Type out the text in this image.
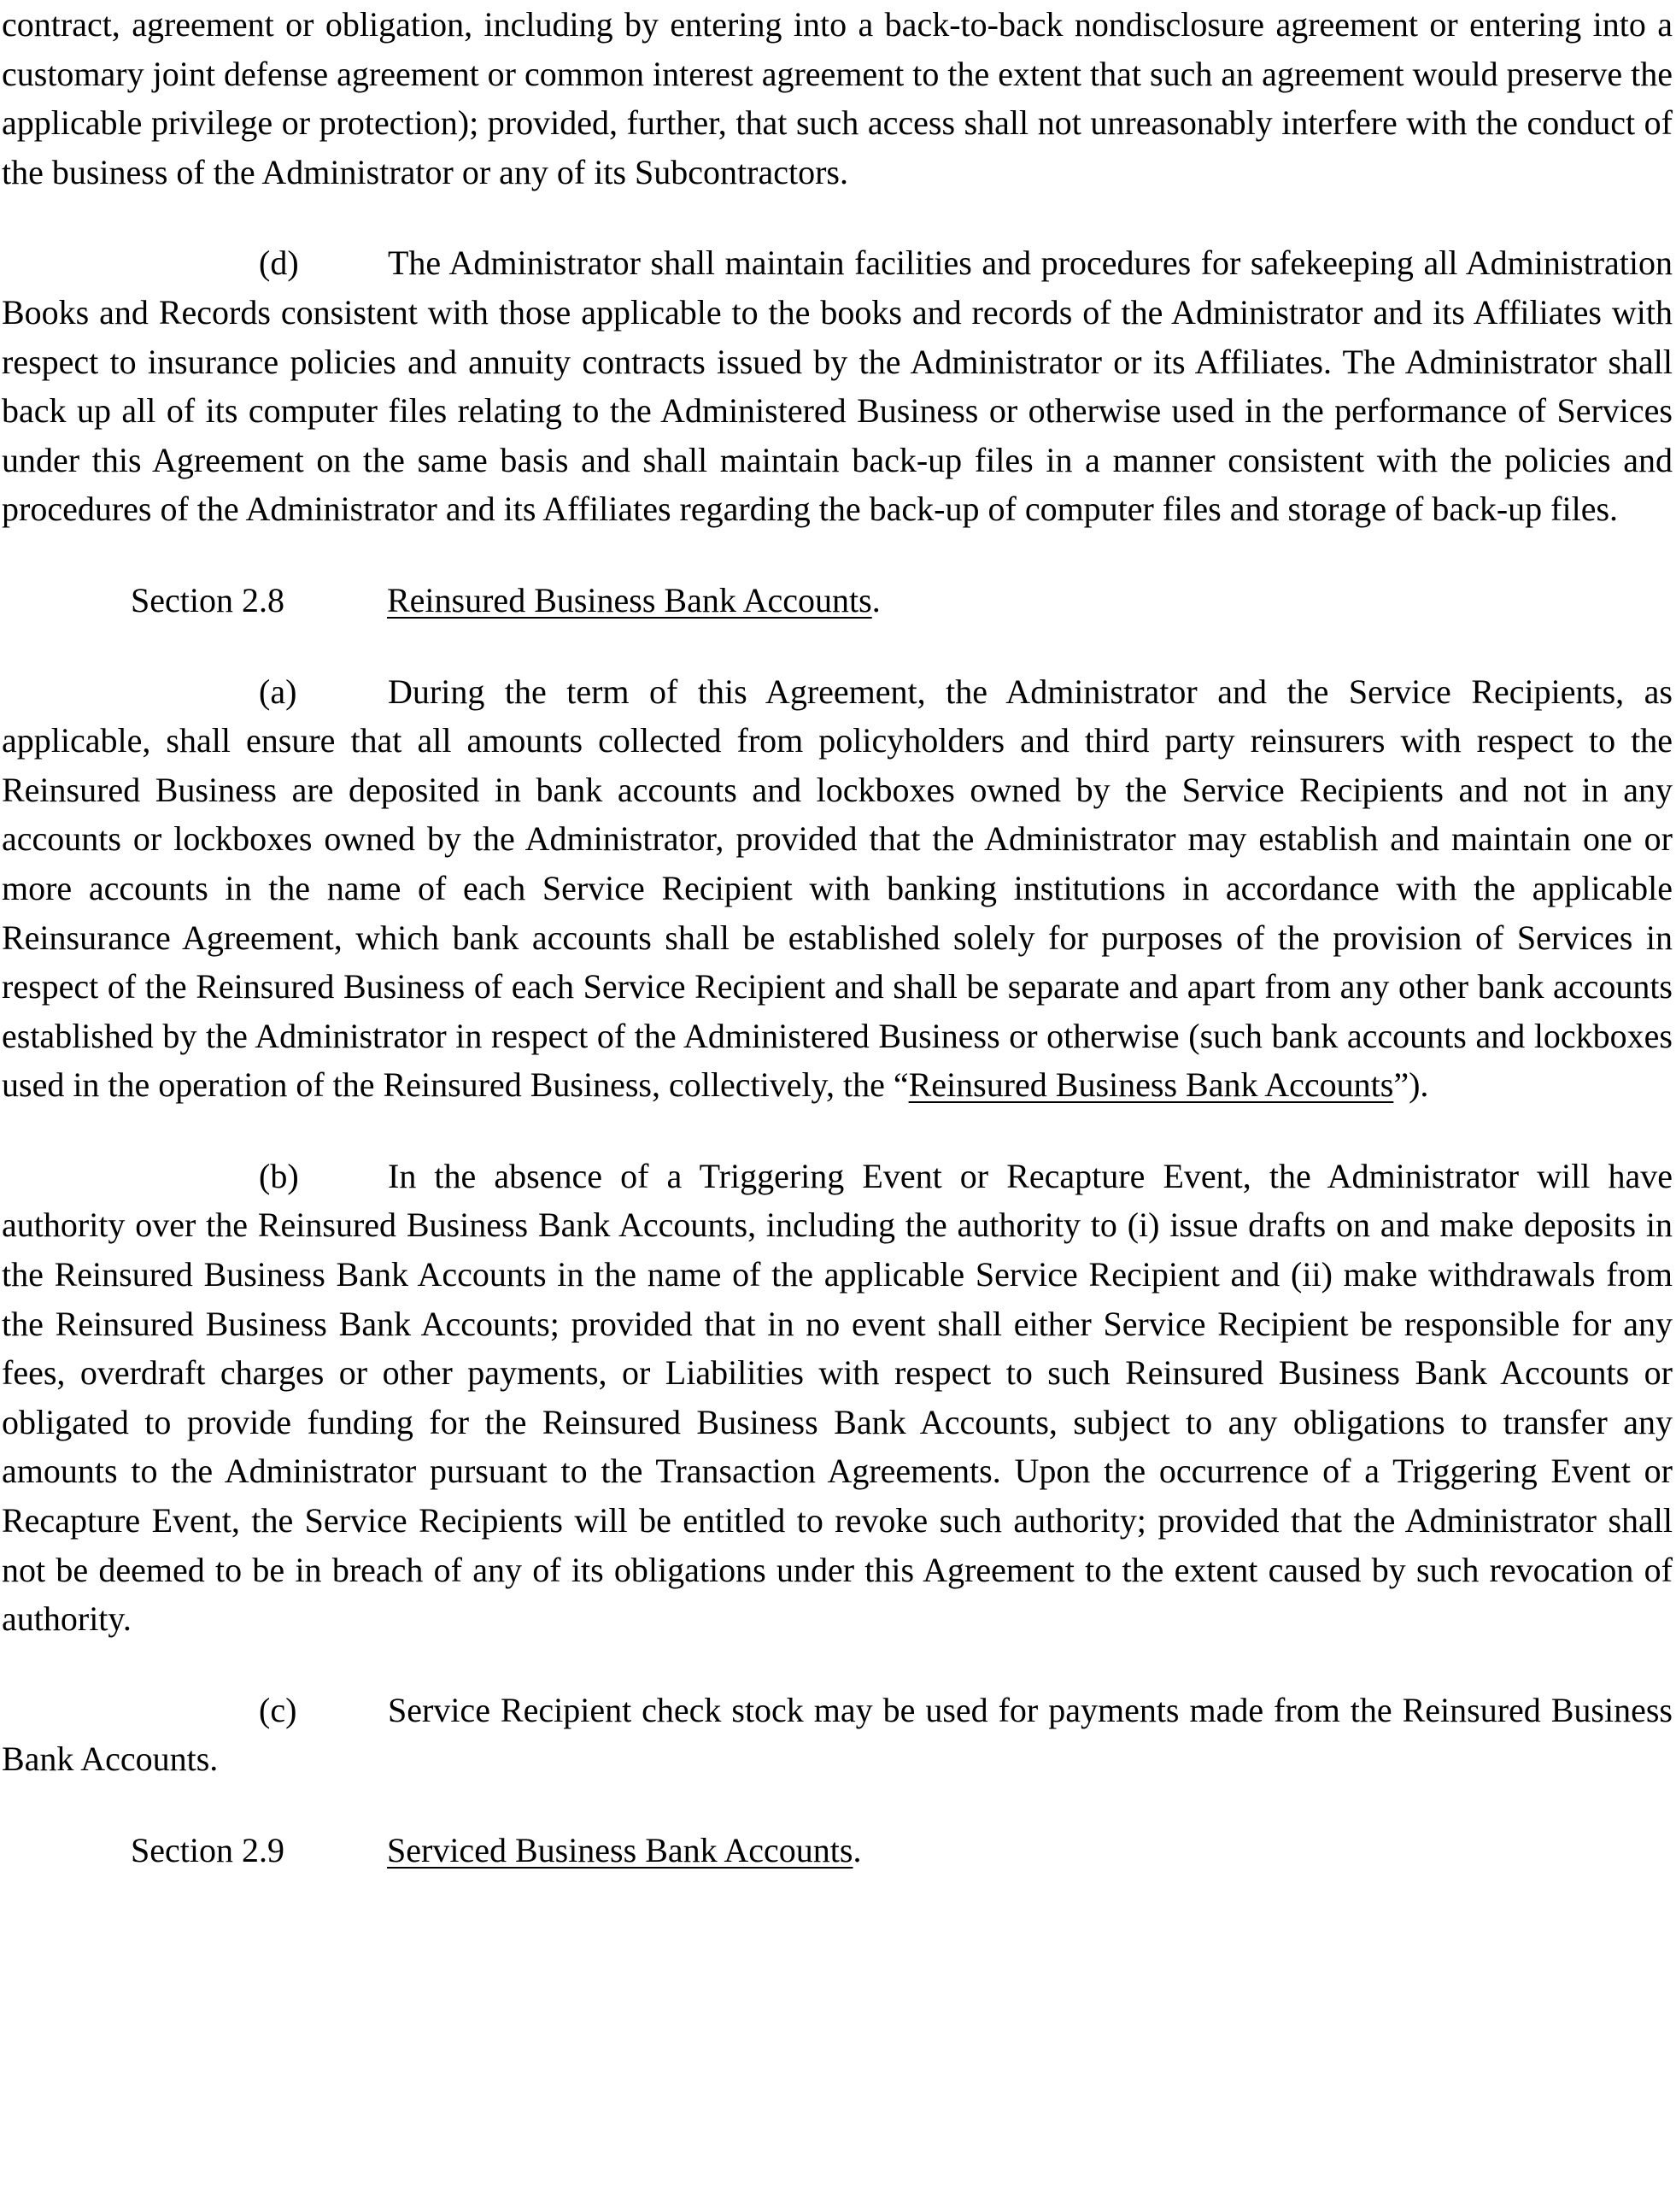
contract, agreement or obligation, including by entering into a back-to-back nondisclosure agreement or entering into a customary joint defense agreement or common interest agreement to the extent that such an agreement would preserve the applicable privilege or protection); provided, further, that such access shall not unreasonably interfere with the conduct of the business of the Administrator or any of its Subcontractors.

(d)	The Administrator shall maintain facilities and procedures for safekeeping all Administration Books and Records consistent with those applicable to the books and records of the Administrator and its Affiliates with respect to insurance policies and annuity contracts issued by the Administrator or its Affiliates. The Administrator shall back up all of its computer files relating to the Administered Business or otherwise used in the performance of Services under this Agreement on the same basis and shall maintain back-up files in a manner consistent with the policies and procedures of the Administrator and its Affiliates regarding the back-up of computer files and storage of back-up files.

Section 2.8	Reinsured Business Bank Accounts.

(a)	During the term of this Agreement, the Administrator and the Service Recipients, as applicable, shall ensure that all amounts collected from policyholders and third party reinsurers with respect to the Reinsured Business are deposited in bank accounts and lockboxes owned by the Service Recipients and not in any accounts or lockboxes owned by the Administrator, provided that the Administrator may establish and maintain one or more accounts in the name of each Service Recipient with banking institutions in accordance with the applicable Reinsurance Agreement, which bank accounts shall be established solely for purposes of the provision of Services in respect of the Reinsured Business of each Service Recipient and shall be separate and apart from any other bank accounts established by the Administrator in respect of the Administered Business or otherwise (such bank accounts and lockboxes used in the operation of the Reinsured Business, collectively, the “Reinsured Business Bank Accounts”).

(b)	In the absence of a Triggering Event or Recapture Event, the Administrator will have authority over the Reinsured Business Bank Accounts, including the authority to (i) issue drafts on and make deposits in the Reinsured Business Bank Accounts in the name of the applicable Service Recipient and (ii) make withdrawals from the Reinsured Business Bank Accounts; provided that in no event shall either Service Recipient be responsible for any fees, overdraft charges or other payments, or Liabilities with respect to such Reinsured Business Bank Accounts or obligated to provide funding for the Reinsured Business Bank Accounts, subject to any obligations to transfer any amounts to the Administrator pursuant to the Transaction Agreements. Upon the occurrence of a Triggering Event or Recapture Event, the Service Recipients will be entitled to revoke such authority; provided that the Administrator shall not be deemed to be in breach of any of its obligations under this Agreement to the extent caused by such revocation of authority.

(c)	Service Recipient check stock may be used for payments made from the Reinsured Business Bank Accounts.

Section 2.9	Serviced Business Bank Accounts.
